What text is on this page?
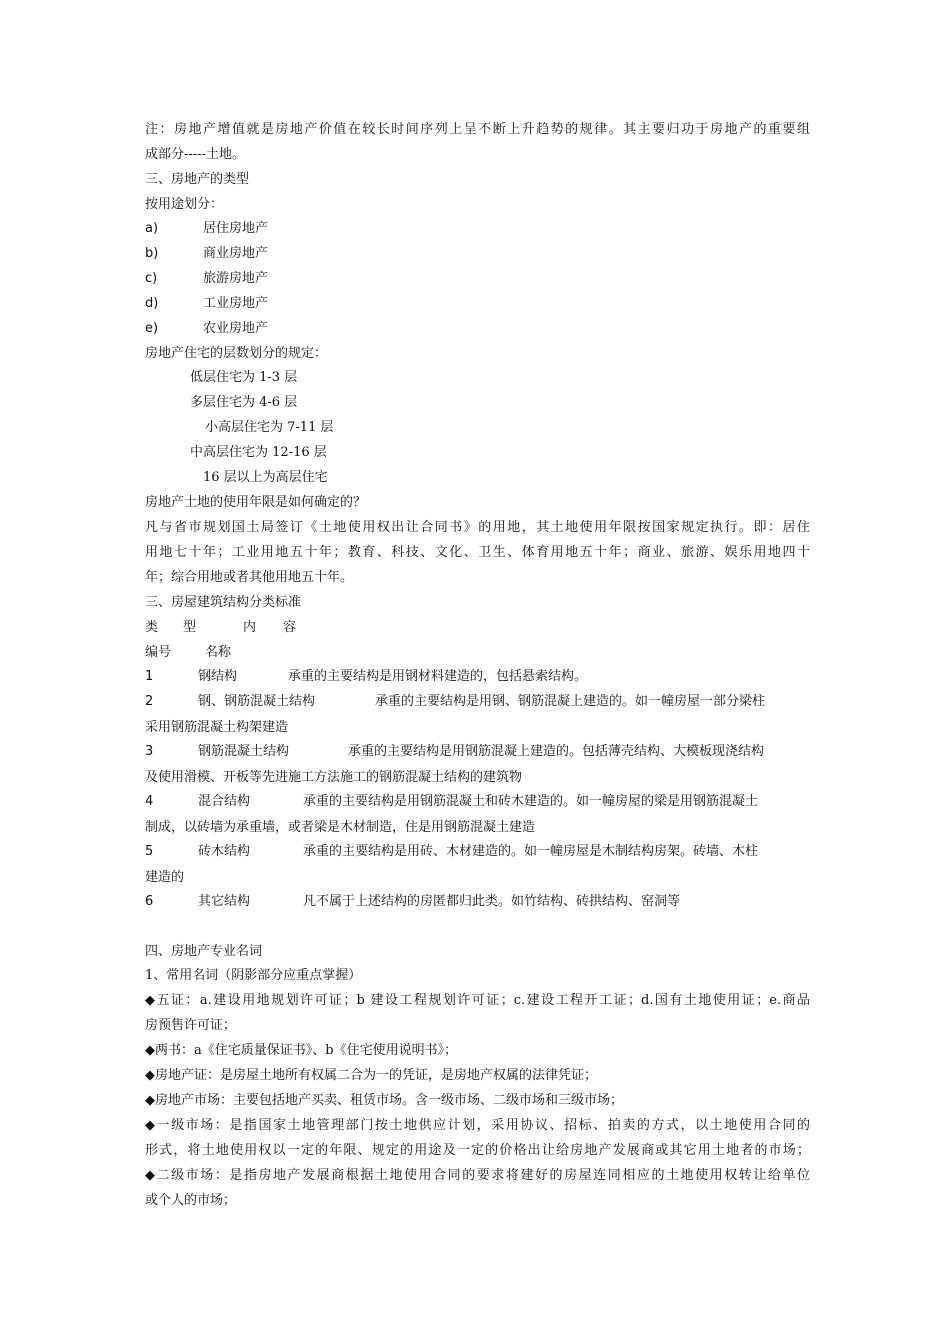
注：房地产增值就是房地产价值在较长时间序列上呈不断上升趋势的规律。其主要归功于房地产的重要组
成部分-----土地。
三、房地产的类型
按用途划分：
a)	居住房地产
b)	商业房地产
c)	旅游房地产
d)	工业房地产
e)	农业房地产
房地产住宅的层数划分的规定：
低层住宅为 1-3 层
多层住宅为 4-6 层
小高层住宅为 7-11 层
中高层住宅为 12-16 层
16 层以上为高层住宅
房地产土地的使用年限是如何确定的？
凡与省市规划国土局签订《土地使用权出让合同书》的用地，其土地使用年限按国家规定执行。即：居住
用地七十年；工业用地五十年；教育、科技、文化、卫生、体育用地五十年；商业、旅游、娱乐用地四十
年；综合用地或者其他用地五十年。
三、房屋建筑结构分类标准
类 型	内 容
编号	名称
1	钢结构	承重的主要结构是用钢材料建造的，包括悬索结构。
2	钢、钢筋混凝土结构	承重的主要结构是用钢、钢筋混凝上建造的。如一幢房屋一部分梁柱
采用钢筋混凝土构架建造
3	钢筋混凝土结构	承重的主要结构是用钢筋混凝上建造的。包括薄壳结构、大模板现浇结构
及使用滑模、开板等先进施工方法施工的钢筋混凝土结构的建筑物
4	混合结构	承重的主要结构是用钢筋混凝土和砖木建造的。如一幢房屋的梁是用钢筋混凝土
制成，以砖墙为承重墙，或者梁是木材制造，住是用钢筋混凝土建造
5	砖木结构	承重的主要结构是用砖、木材建造的。如一幢房屋是木制结构房架。砖墙、木柱
建造的
6	其它结构	凡不属于上述结构的房匿都归此类。如竹结构、砖拱结构、窑洞等
四、房地产专业名词
1、常用名词（阴影部分应重点掌握）
◆五证：a.建设用地规划许可证；b 建设工程规划许可证；c.建设工程开工证；d.国有土地使用证；e.商品
房预售许可证；
◆两书：a《住宅质量保证书》、b《住宅使用说明书》；
◆房地产证：是房屋土地所有权属二合为一的凭证，是房地产权属的法律凭证；
◆房地产市场：主要包括地产买卖、租赁市场。含一级市场、二级市场和三级市场；
◆一级市场：是指国家土地管理部门按土地供应计划，采用协议、招标、拍卖的方式，以土地使用合同的
形式，将土地使用权以一定的年限、规定的用途及一定的价格出让给房地产发展商或其它用土地者的市场；
◆二级市场：是指房地产发展商根据土地使用合同的要求将建好的房屋连同相应的土地使用权转让给单位
或个人的市场；
